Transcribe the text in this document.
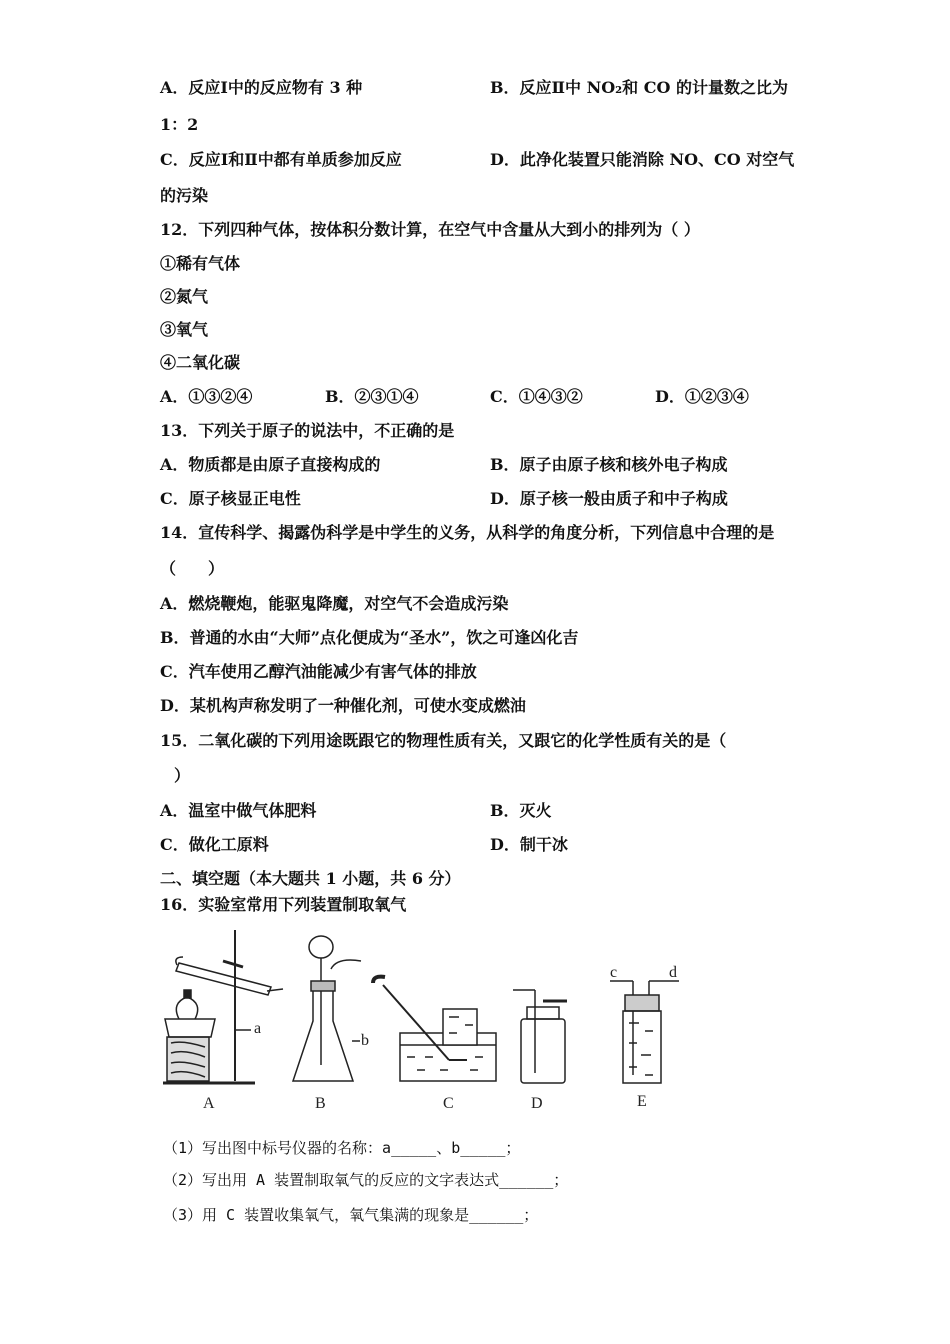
A．反应Ⅰ中的反应物有 3 种	B．反应Ⅱ中 NO₂和 CO 的计量数之比为
1：2
C．反应Ⅰ和Ⅱ中都有单质参加反应	D．此净化装置只能消除 NO、CO 对空气
的污染
12．下列四种气体，按体积分数计算，在空气中含量从大到小的排列为（ ）
①稀有气体
②氮气
③氧气
④二氧化碳
A．①③②④	B．②③①④	C．①④③②	D．①②③④
13．下列关于原子的说法中，不正确的是
A．物质都是由原子直接构成的	B．原子由原子核和核外电子构成
C．原子核显正电性	D．原子核一般由质子和中子构成
14．宣传科学、揭露伪科学是中学生的义务，从科学的角度分析，下列信息中合理的是
（　　）
A．燃烧鞭炮，能驱鬼降魔，对空气不会造成污染
B．普通的水由“大师”点化便成为“圣水”，饮之可逢凶化吉
C．汽车使用乙醇汽油能减少有害气体的排放
D．某机构声称发明了一种催化剂，可使水变成燃油
15．二氧化碳的下列用途既跟它的物理性质有关，又跟它的化学性质有关的是（
）
A．温室中做气体肥料	B．灭火
C．做化工原料	D．制干冰
二、填空题（本大题共 1 小题，共 6 分）
16．实验室常用下列装置制取氧气
A	B	C	D	E
a
b
c	d
（1）写出图中标号仪器的名称：a_____、b_____；
（2）写出用 A 装置制取氧气的反应的文字表达式______；
（3）用 C 装置收集氧气，氧气集满的现象是______；
